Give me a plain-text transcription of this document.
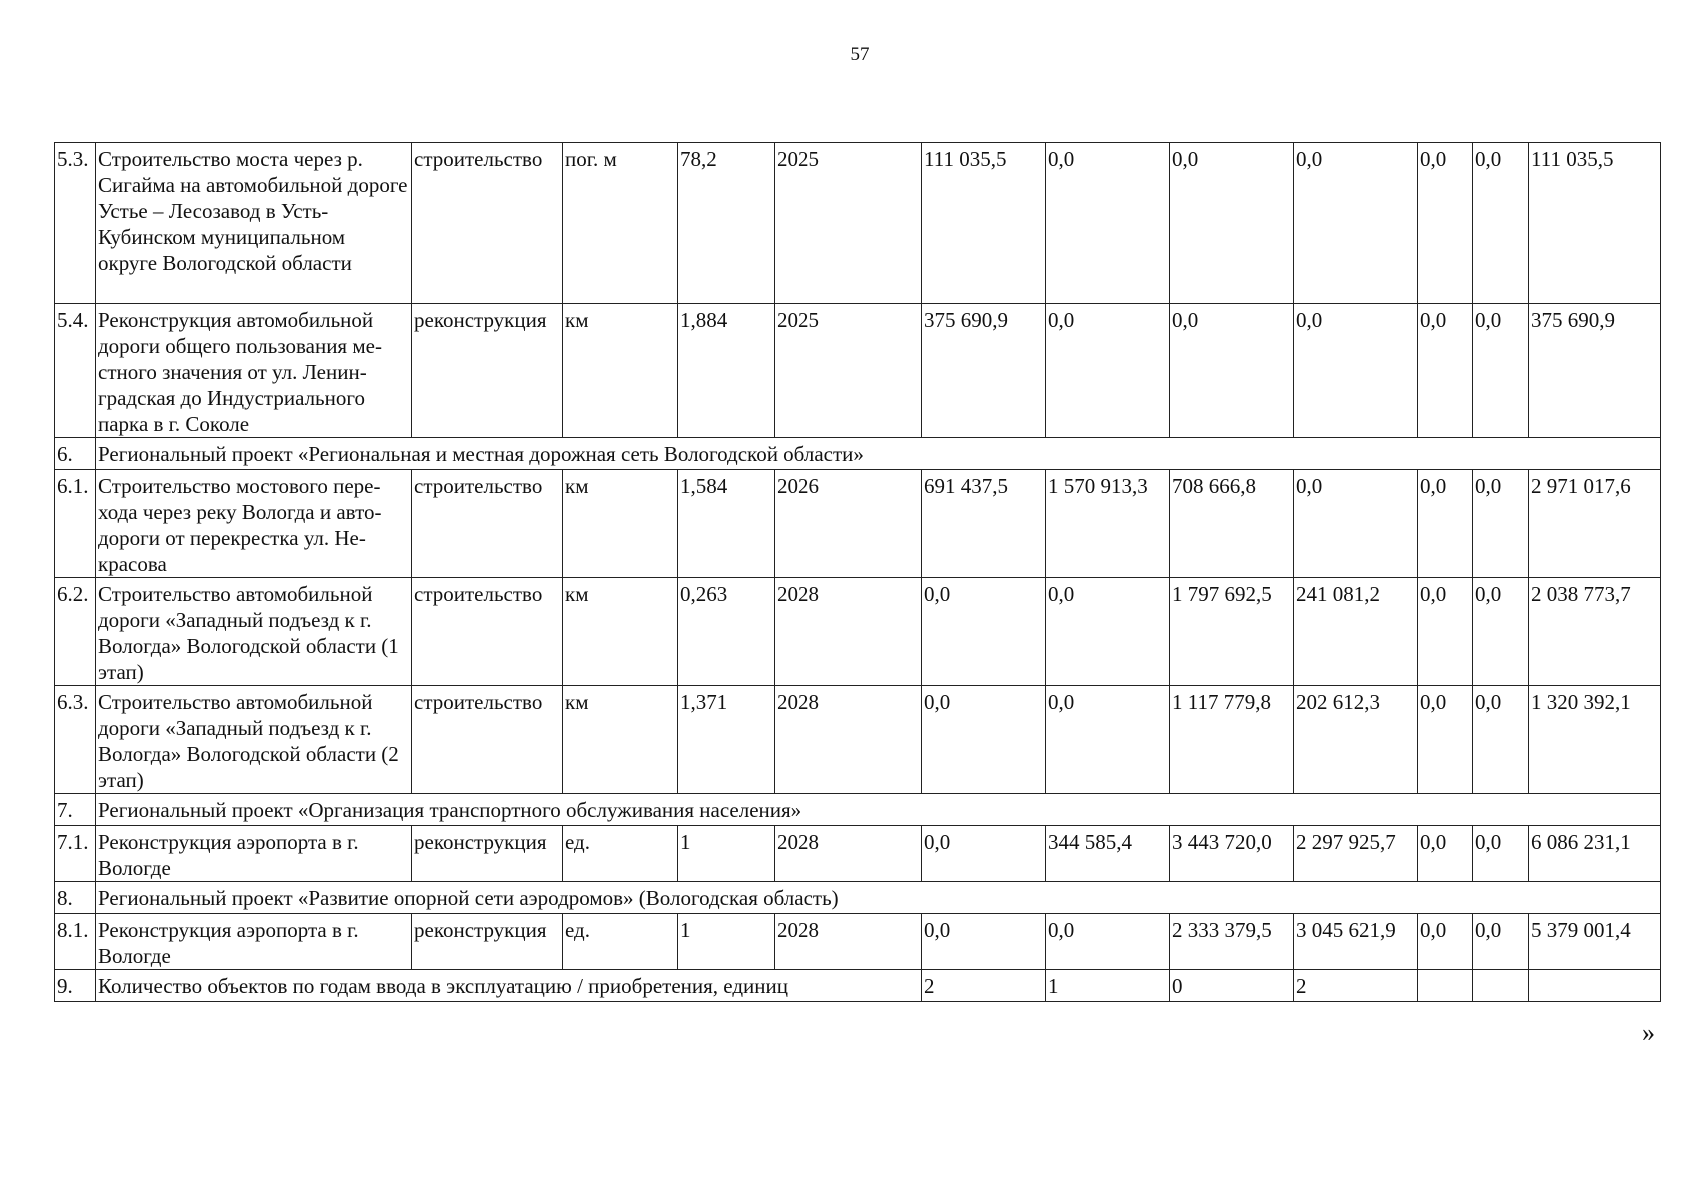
57
5.3.	Строительство моста через р. Сигайма на автомобильной дороге Устье – Лесозавод в Усть-Кубинском муниципальном округе Вологодской области	строительство	пог. м	78,2	2025	111 035,5	0,0	0,0	0,0	0,0	0,0	111 035,5
5.4.	Реконструкция автомобильной дороги общего пользования местного значения от ул. Ленинградская до Индустриального парка в г. Соколе	реконструкция	км	1,884	2025	375 690,9	0,0	0,0	0,0	0,0	0,0	375 690,9
6.	Региональный проект «Региональная и местная дорожная сеть Вологодской области»											
6.1.	Строительство мостового перехода через реку Вологда и автодороги от перекрестка ул. Некрасова	строительство	км	1,584	2026	691 437,5	1 570 913,3	708 666,8	0,0	0,0	0,0	2 971 017,6
6.2.	Строительство автомобильной дороги «Западный подъезд к г. Вологда» Вологодской области (1 этап)	строительство	км	0,263	2028	0,0	0,0	1 797 692,5	241 081,2	0,0	0,0	2 038 773,7
6.3.	Строительство автомобильной дороги «Западный подъезд к г. Вологда» Вологодской области (2 этап)	строительство	км	1,371	2028	0,0	0,0	1 117 779,8	202 612,3	0,0	0,0	1 320 392,1
7.	Региональный проект «Организация транспортного обслуживания населения»											
7.1.	Реконструкция аэропорта в г. Вологде	реконструкция	ед.	1	2028	0,0	344 585,4	3 443 720,0	2 297 925,7	0,0	0,0	6 086 231,1
8.	Региональный проект «Развитие опорной сети аэродромов» (Вологодская область)											
8.1.	Реконструкция аэропорта в г. Вологде	реконструкция	ед.	1	2028	0,0	0,0	2 333 379,5	3 045 621,9	0,0	0,0	5 379 001,4
9.	Количество объектов по годам ввода в эксплуатацию / приобретения, единиц					2	1	0	2			
»
